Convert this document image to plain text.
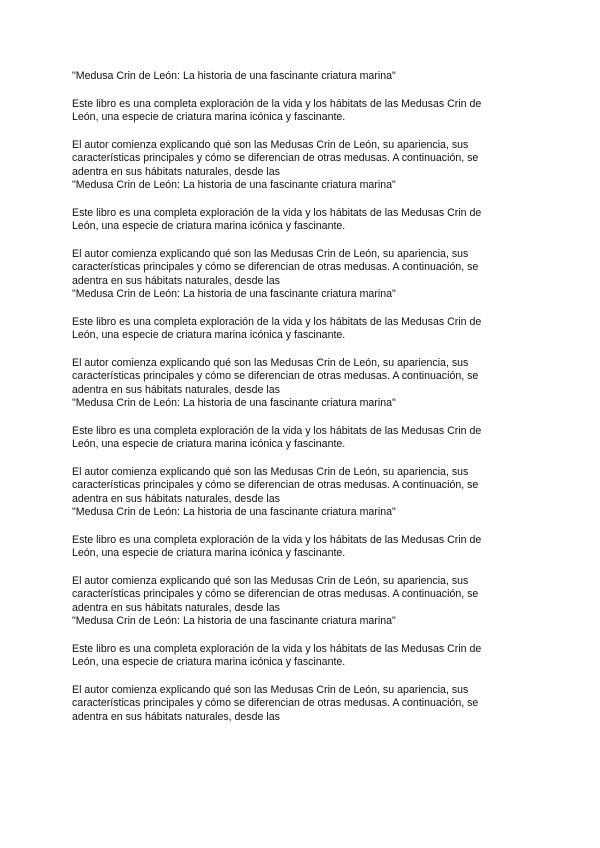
"Medusa Crin de León: La historia de una fascinante criatura marina"

Este libro es una completa exploración de la vida y los hábitats de las Medusas Crin de

León, una especie de criatura marina icónica y fascinante.

El autor comienza explicando qué son las Medusas Crin de León, su apariencia, sus

características principales y cómo se diferencian de otras medusas. A continuación, se

adentra en sus hábitats naturales, desde las

"Medusa Crin de León: La historia de una fascinante criatura marina"

Este libro es una completa exploración de la vida y los hábitats de las Medusas Crin de

León, una especie de criatura marina icónica y fascinante.

El autor comienza explicando qué son las Medusas Crin de León, su apariencia, sus

características principales y cómo se diferencian de otras medusas. A continuación, se

adentra en sus hábitats naturales, desde las

"Medusa Crin de León: La historia de una fascinante criatura marina"

Este libro es una completa exploración de la vida y los hábitats de las Medusas Crin de

León, una especie de criatura marina icónica y fascinante.

El autor comienza explicando qué son las Medusas Crin de León, su apariencia, sus

características principales y cómo se diferencian de otras medusas. A continuación, se

adentra en sus hábitats naturales, desde las

"Medusa Crin de León: La historia de una fascinante criatura marina"

Este libro es una completa exploración de la vida y los hábitats de las Medusas Crin de

León, una especie de criatura marina icónica y fascinante.

El autor comienza explicando qué son las Medusas Crin de León, su apariencia, sus

características principales y cómo se diferencian de otras medusas. A continuación, se

adentra en sus hábitats naturales, desde las

"Medusa Crin de León: La historia de una fascinante criatura marina"

Este libro es una completa exploración de la vida y los hábitats de las Medusas Crin de

León, una especie de criatura marina icónica y fascinante.

El autor comienza explicando qué son las Medusas Crin de León, su apariencia, sus

características principales y cómo se diferencian de otras medusas. A continuación, se

adentra en sus hábitats naturales, desde las

"Medusa Crin de León: La historia de una fascinante criatura marina"

Este libro es una completa exploración de la vida y los hábitats de las Medusas Crin de

León, una especie de criatura marina icónica y fascinante.

El autor comienza explicando qué son las Medusas Crin de León, su apariencia, sus

características principales y cómo se diferencian de otras medusas. A continuación, se

adentra en sus hábitats naturales, desde las
